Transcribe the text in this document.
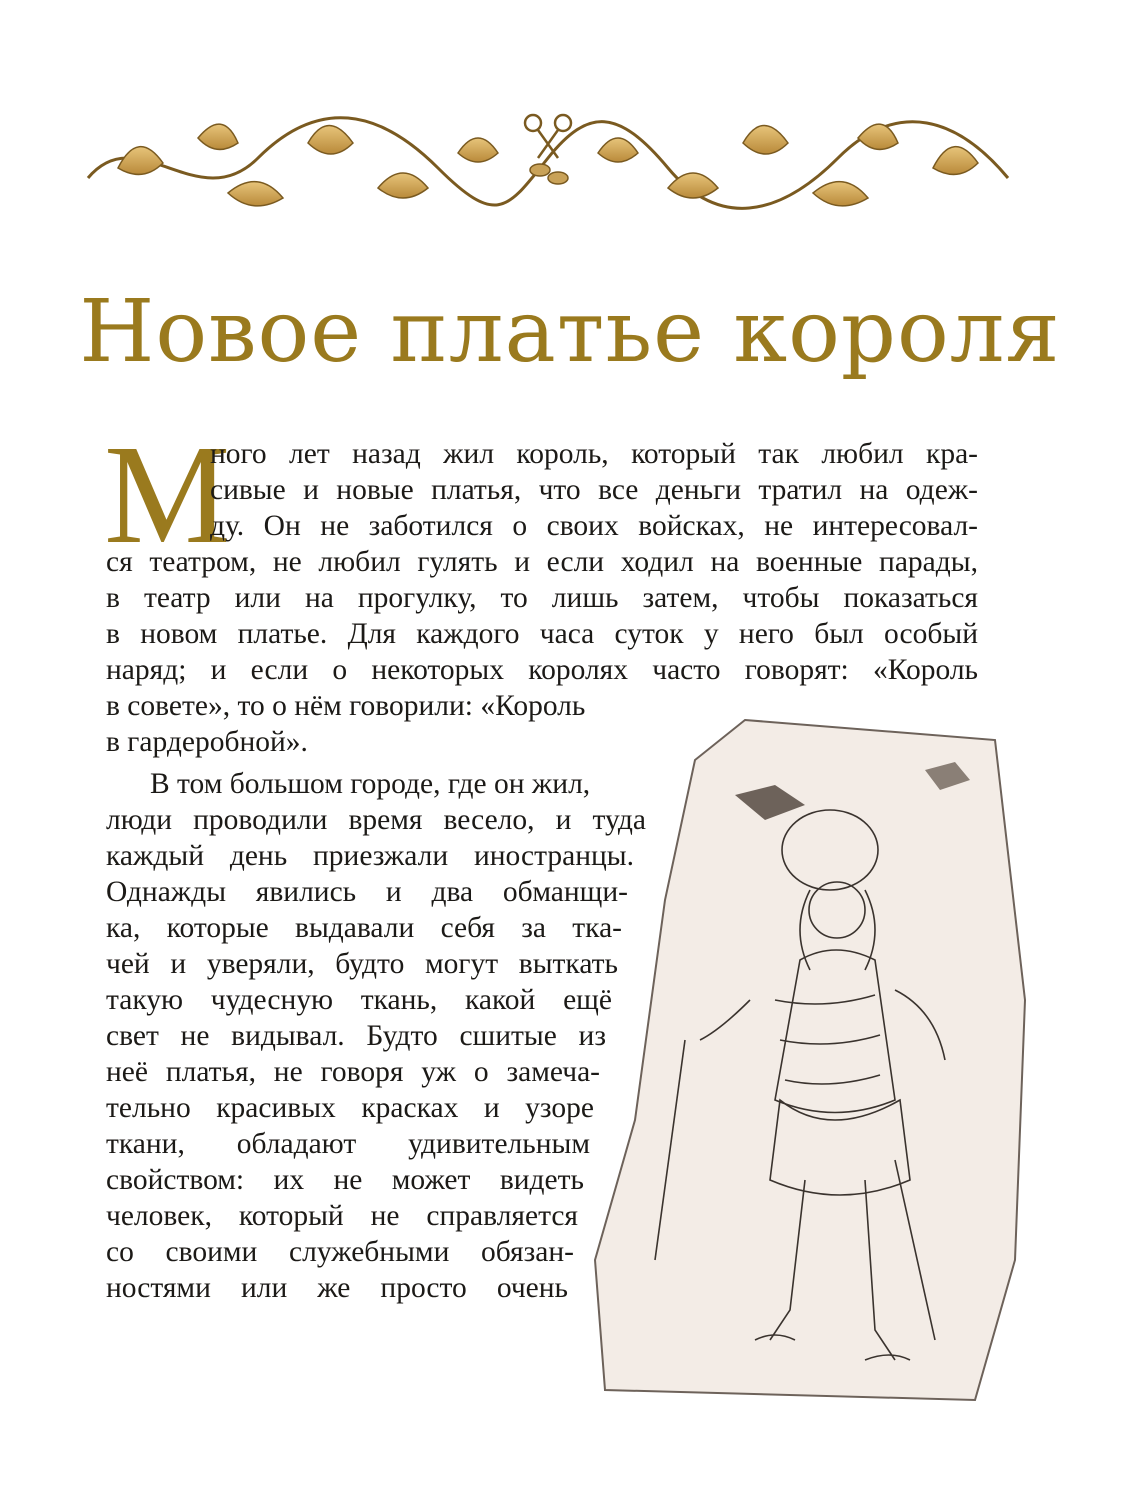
Новое платье короля
М
ного лет назад жил король, который так любил кра-
сивые и новые платья, что все деньги тратил на одеж-
ду. Он не заботился о своих войсках, не интересовал-
ся театром, не любил гулять и если ходил на военные парады,
в театр или на прогулку, то лишь затем, чтобы показаться
в новом платье. Для каждого часа суток у него был особый
наряд; и если о некоторых королях часто говорят: «Король
в совете», то о нём говорили: «Король
в гардеробной».
В том большом городе, где он жил,
люди проводили время весело, и туда
каждый день приезжали иностранцы.
Однажды явились и два обманщи-
ка, которые выдавали себя за тка-
чей и уверяли, будто могут выткать
такую чудесную ткань, какой ещё
свет не видывал. Будто сшитые из
неё платья, не говоря уж о замеча-
тельно красивых красках и узоре
ткани, обладают удивительным
свойством: их не может видеть
человек, который не справляется
со своими служебными обязан-
ностями или же просто очень
